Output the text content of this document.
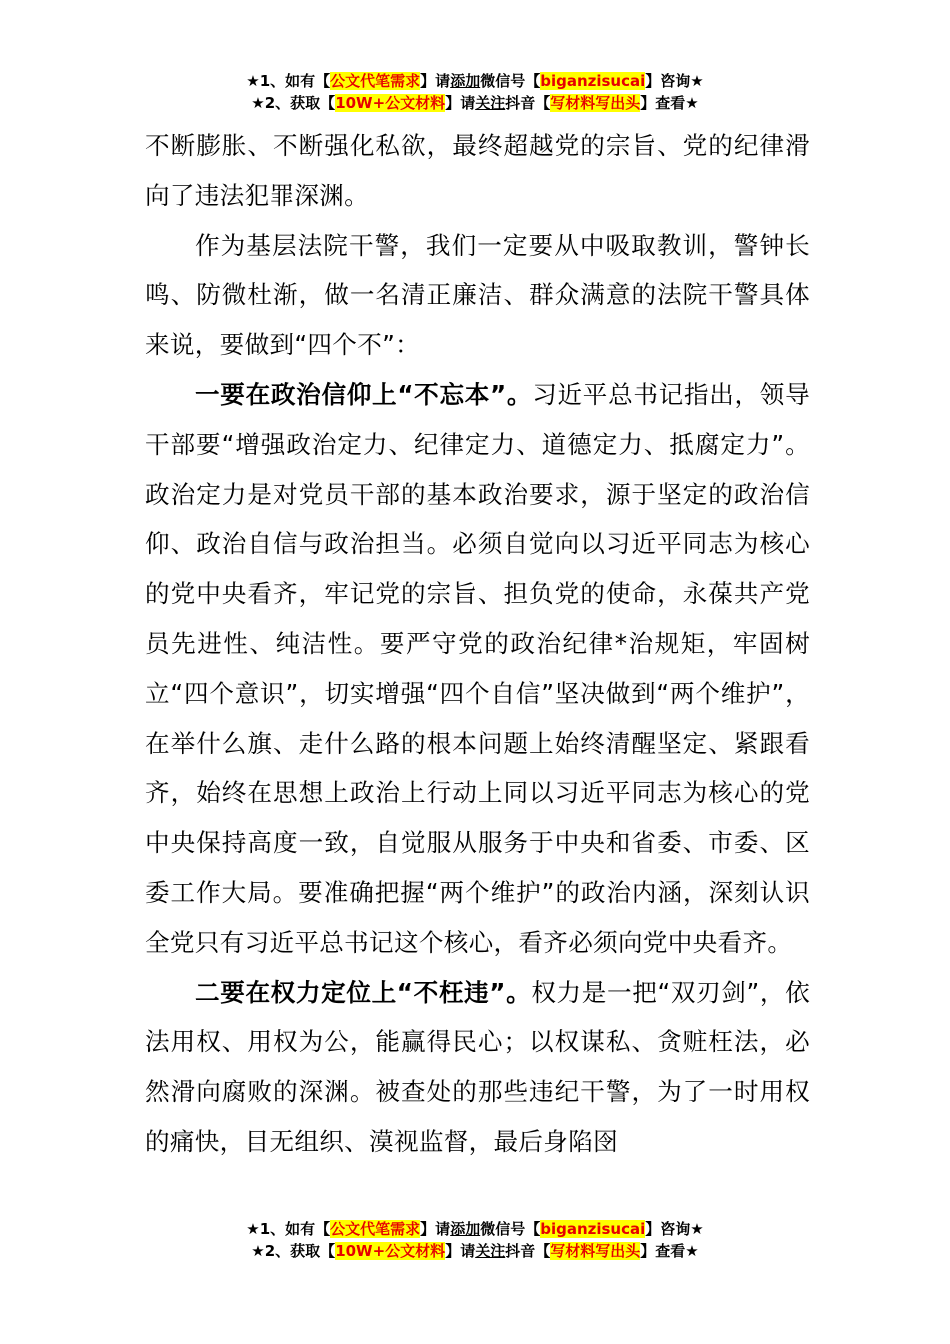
★1、如有【公文代笔需求】请添加微信号【biganzisucai】咨询★
★2、获取【10W+公文材料】请关注抖音【写材料写出头】查看★

不断膨胀、不断强化私欲，最终超越党的宗旨、党的纪律滑向了违法犯罪深渊。

作为基层法院干警，我们一定要从中吸取教训，警钟长鸣、防微杜渐，做一名清正廉洁、群众满意的法院干警具体来说，要做到“四个不”：

一要在政治信仰上“不忘本”。习近平总书记指出，领导干部要“增强政治定力、纪律定力、道德定力、抵腐定力”。政治定力是对党员干部的基本政治要求，源于坚定的政治信仰、政治自信与政治担当。必须自觉向以习近平同志为核心的党中央看齐，牢记党的宗旨、担负党的使命，永葆共产党员先进性、纯洁性。要严守党的政治纪律*治规矩，牢固树立“四个意识”，切实增强“四个自信”坚决做到“两个维护”，在举什么旗、走什么路的根本问题上始终清醒坚定、紧跟看齐，始终在思想上政治上行动上同以习近平同志为核心的党中央保持高度一致，自觉服从服务于中央和省委、市委、区委工作大局。要准确把握“两个维护”的政治内涵，深刻认识全党只有习近平总书记这个核心，看齐必须向党中央看齐。

二要在权力定位上“不枉违”。权力是一把“双刃剑”，依法用权、用权为公，能赢得民心；以权谋私、贪赃枉法，必然滑向腐败的深渊。被查处的那些违纪干警，为了一时用权的痛快，目无组织、漠视监督，最后身陷囹

★1、如有【公文代笔需求】请添加微信号【biganzisucai】咨询★
★2、获取【10W+公文材料】请关注抖音【写材料写出头】查看★
